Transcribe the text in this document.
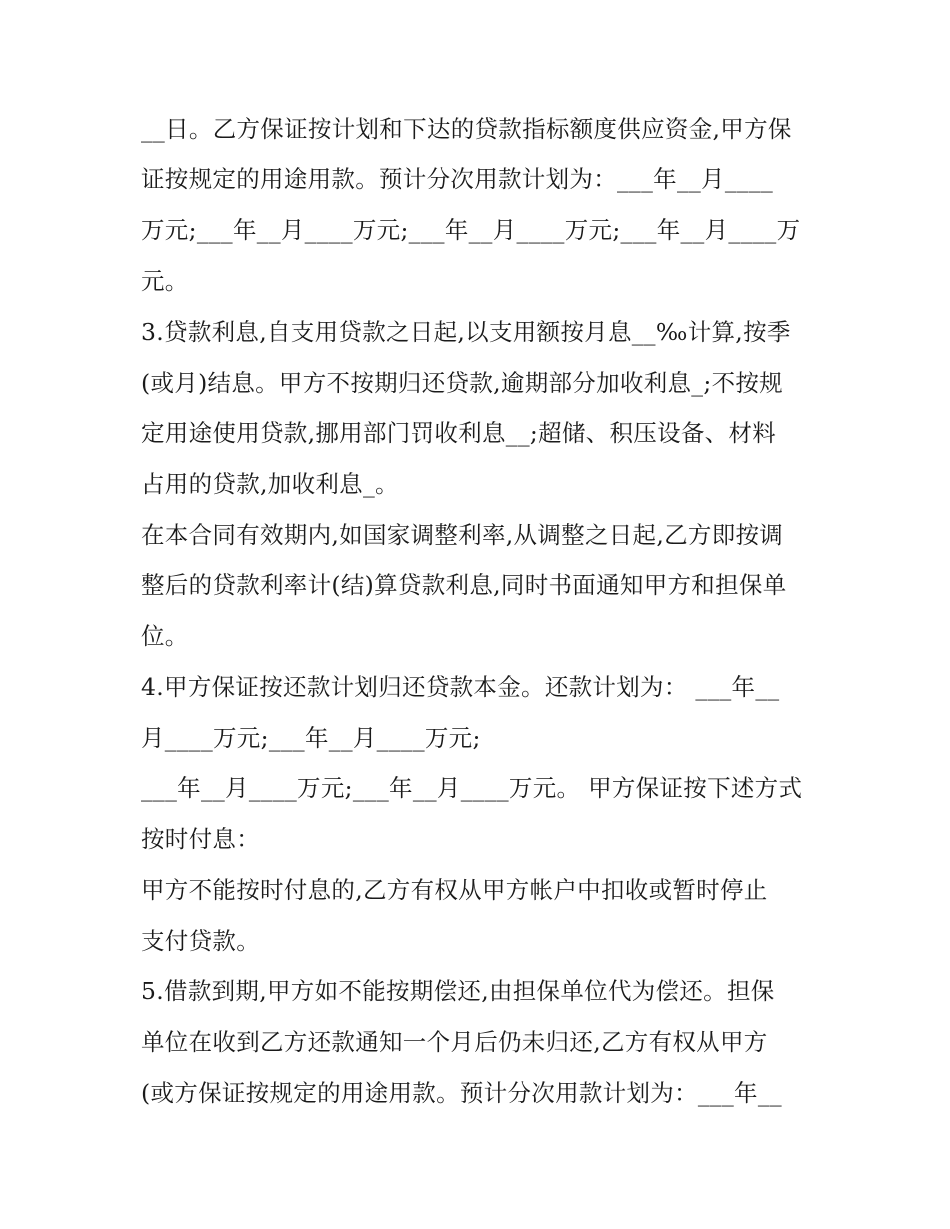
__日。乙方保证按计划和下达的贷款指标额度供应资金,甲方保
证按规定的用途用款。预计分次用款计划为：___年__月____
万元;___年__月____万元;___年__月____万元;___年__月____万
元。
3.贷款利息,自支用贷款之日起,以支用额按月息__‰计算,按季
(或月)结息。甲方不按期归还贷款,逾期部分加收利息_;不按规
定用途使用贷款,挪用部门罚收利息__;超储、积压设备、材料
占用的贷款,加收利息_。
在本合同有效期内,如国家调整利率,从调整之日起,乙方即按调
整后的贷款利率计(结)算贷款利息,同时书面通知甲方和担保单
位。
4.甲方保证按还款计划归还贷款本金。还款计划为： ___年__
月____万元;___年__月____万元;
___年__月____万元;___年__月____万元。 甲方保证按下述方式
按时付息：
甲方不能按时付息的,乙方有权从甲方帐户中扣收或暂时停止
支付贷款。
5.借款到期,甲方如不能按期偿还,由担保单位代为偿还。担保
单位在收到乙方还款通知一个月后仍未归还,乙方有权从甲方
(或方保证按规定的用途用款。预计分次用款计划为：___年__
